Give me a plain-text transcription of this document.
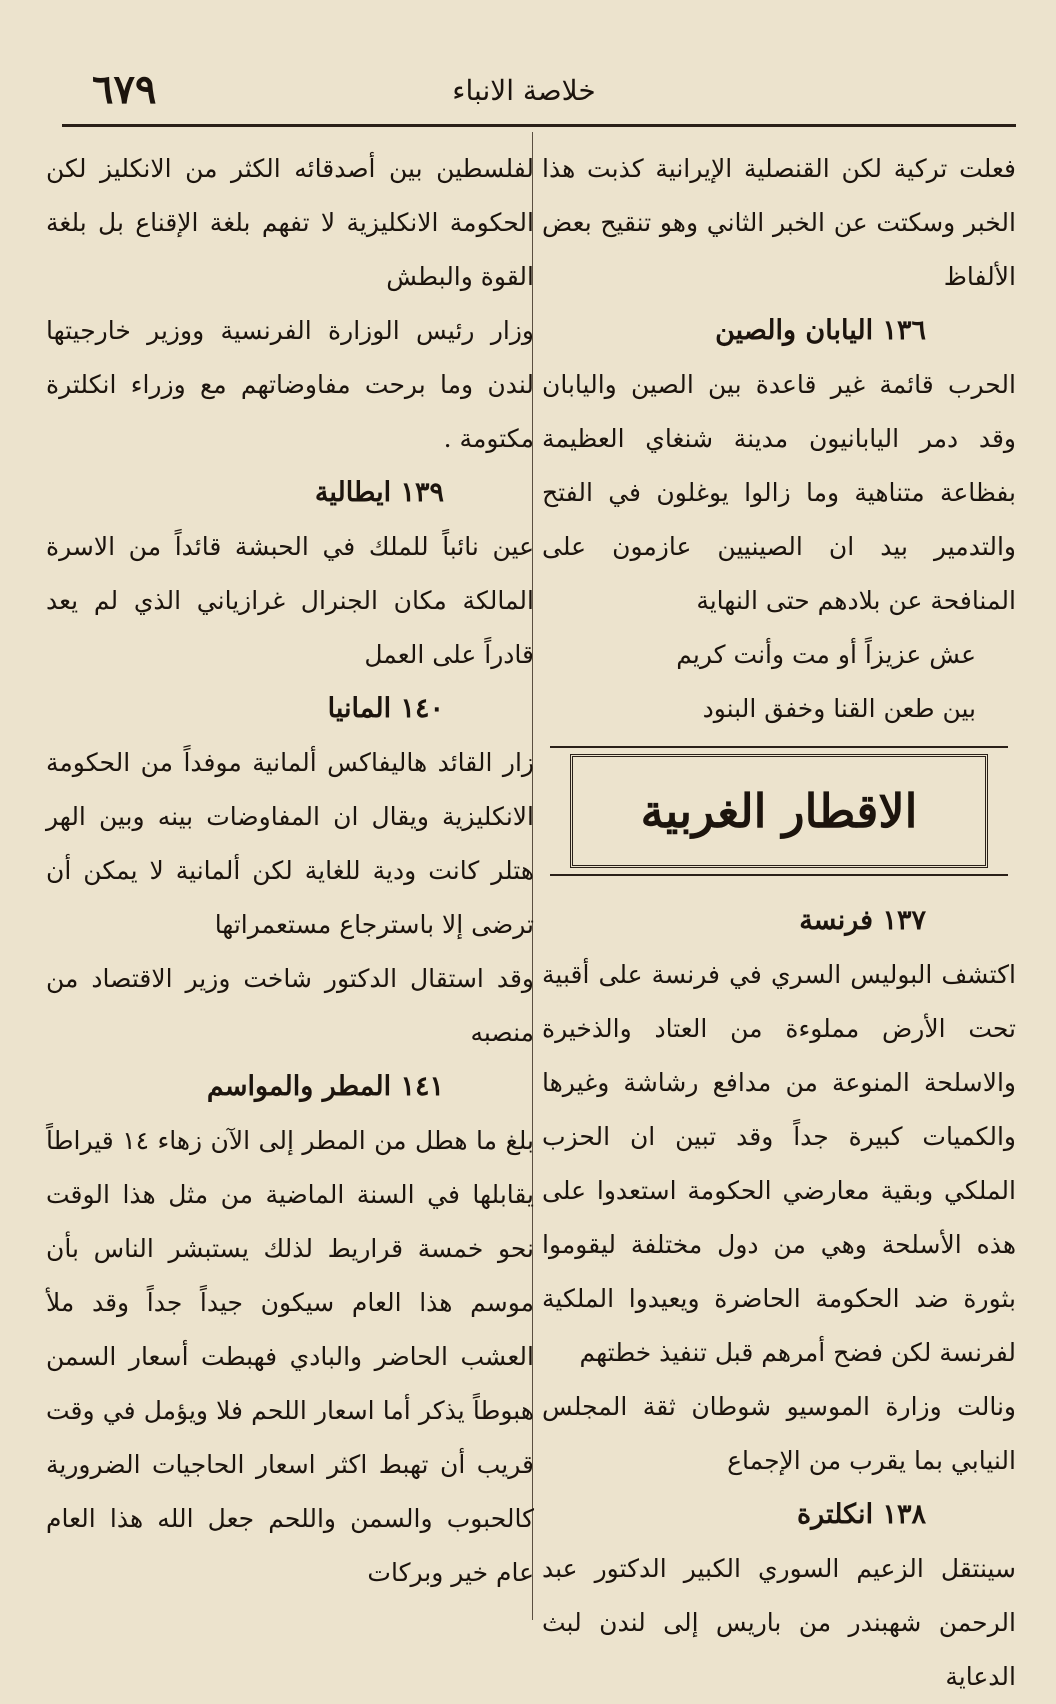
خلاصة الانباء
٦٧٩

فعلت تركية لكن القنصلية الإيرانية كذبت هذا الخبر وسكتت عن الخبر الثاني وهو تنقيح بعض الألفاظ

١٣٦ اليابان والصين

الحرب قائمة غير قاعدة بين الصين واليابان وقد دمر اليابانيون مدينة شنغاي العظيمة بفظاعة متناهية وما زالوا يوغلون في الفتح والتدمير بيد ان الصينيين عازمون على المنافحة عن بلادهم حتى النهاية

عش عزيزاً أو مت وأنت كريم

بين طعن القنا وخفق البنود

الاقطار الغربية

١٣٧ فرنسة

اكتشف البوليس السري في فرنسة على أقبية تحت الأرض مملوءة من العتاد والذخيرة والاسلحة المنوعة من مدافع رشاشة وغيرها والكميات كبيرة جداً وقد تبين ان الحزب الملكي وبقية معارضي الحكومة استعدوا على هذه الأسلحة وهي من دول مختلفة ليقوموا بثورة ضد الحكومة الحاضرة ويعيدوا الملكية لفرنسة لكن فضح أمرهم قبل تنفيذ خطتهم

ونالت وزارة الموسيو شوطان ثقة المجلس النيابي بما يقرب من الإجماع

١٣٨ انكلترة

سينتقل الزعيم السوري الكبير الدكتور عبد الرحمن شهبندر من باريس إلى لندن لبث الدعاية

لفلسطين بين أصدقائه الكثر من الانكليز لكن الحكومة الانكليزية لا تفهم بلغة الإقناع بل بلغة القوة والبطش

وزار رئيس الوزارة الفرنسية ووزير خارجيتها لندن وما برحت مفاوضاتهم مع وزراء انكلترة مكتومة .

١٣٩ ايطالية

عين نائباً للملك في الحبشة قائداً من الاسرة المالكة مكان الجنرال غرازياني الذي لم يعد قادراً على العمل

١٤٠ المانيا

زار القائد هاليفاكس ألمانية موفداً من الحكومة الانكليزية ويقال ان المفاوضات بينه وبين الهر هتلر كانت ودية للغاية لكن ألمانية لا يمكن أن ترضى إلا باسترجاع مستعمراتها

وقد استقال الدكتور شاخت وزير الاقتصاد من منصبه

١٤١ المطر والمواسم

بلغ ما هطل من المطر إلى الآن زهاء ١٤ قيراطاً يقابلها في السنة الماضية من مثل هذا الوقت نحو خمسة قراريط لذلك يستبشر الناس بأن موسم هذا العام سيكون جيداً جداً وقد ملأ العشب الحاضر والبادي فهبطت أسعار السمن هبوطاً يذكر أما اسعار اللحم فلا ويؤمل في وقت قريب أن تهبط اكثر اسعار الحاجيات الضرورية كالحبوب والسمن واللحم جعل الله هذا العام عام خير وبركات
